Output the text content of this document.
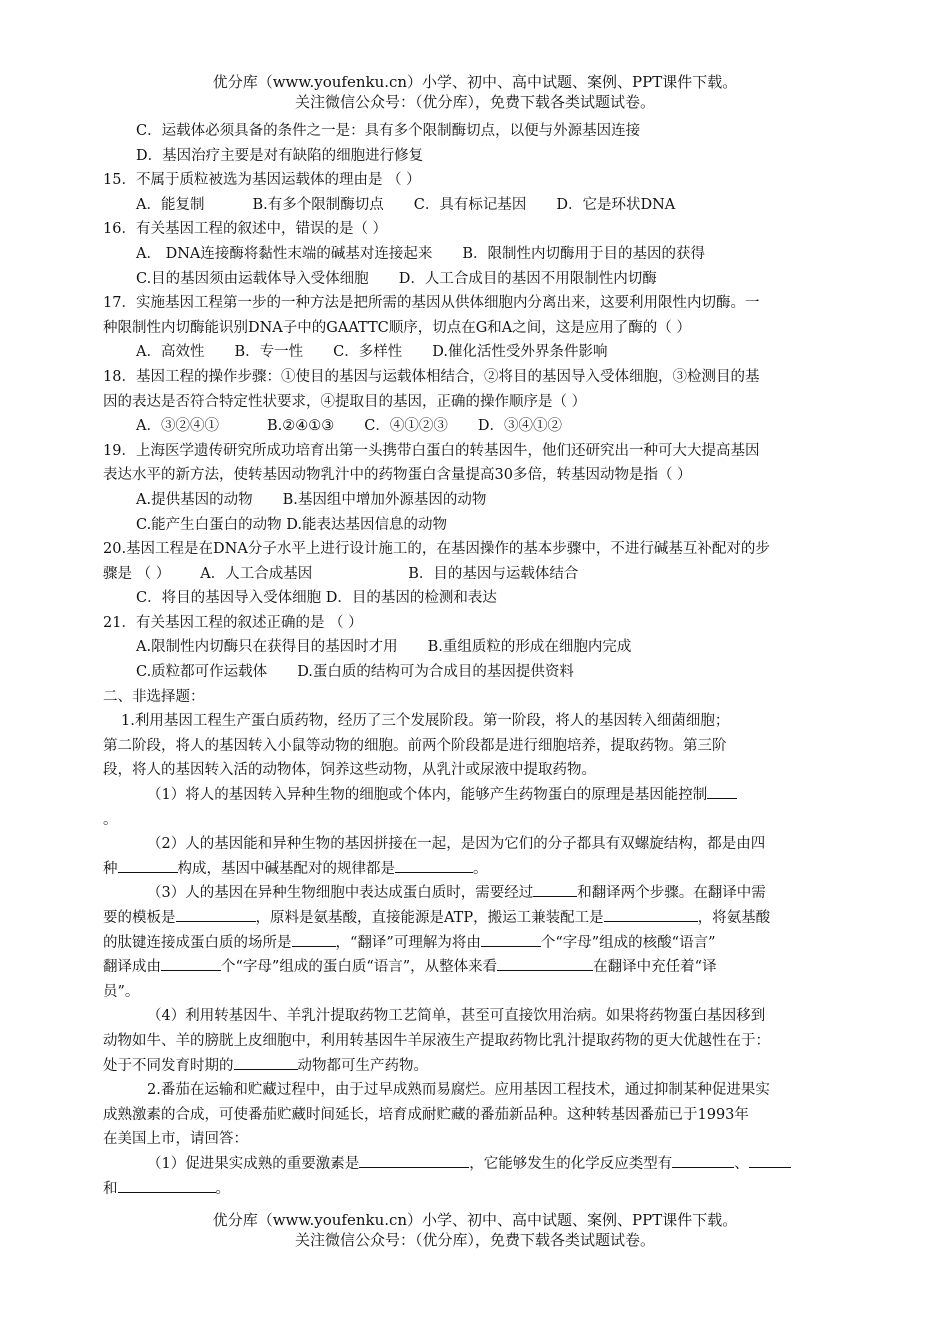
优分库（www.youfenku.cn）小学、初中、高中试题、案例、PPT课件下载。
关注微信公众号：（优分库），免费下载各类试题试卷。
C．运载体必须具备的条件之一是：具有多个限制酶切点，以便与外源基因连接
D．基因治疗主要是对有缺陷的细胞进行修复
15．不属于质粒被选为基因运载体的理由是 （ ）
A．能复制	B.有多个限制酶切点 C．具有标记基因 D．它是环状DNA
16．有关基因工程的叙述中，错误的是（ ）
A． DNA连接酶将黏性末端的碱基对连接起来 B．限制性内切酶用于目的基因的获得
C.目的基因须由运载体导入受体细胞 D．人工合成目的基因不用限制性内切酶
17．实施基因工程第一步的一种方法是把所需的基因从供体细胞内分离出来，这要利用限性内切酶。一
种限制性内切酶能识别DNA子中的GAATTC顺序，切点在G和A之间，这是应用了酶的（ ）
A．高效性 B．专一性 C．多样性 D.催化活性受外界条件影响
18．基因工程的操作步骤：①使目的基因与运载体相结合，②将目的基因导入受体细胞，③检测目的基
因的表达是否符合特定性状要求，④提取目的基因，正确的操作顺序是（ ）
A．③②④①	B.②④①③ C．④①②③ D．③④①②
19．上海医学遗传研究所成功培育出第一头携带白蛋白的转基因牛，他们还研究出一种可大大提高基因
表达水平的新方法，使转基因动物乳汁中的药物蛋白含量提高30多倍，转基因动物是指（ ）
A.提供基因的动物 B.基因组中增加外源基因的动物
C.能产生白蛋白的动物 D.能表达基因信息的动物
20.基因工程是在DNA分子水平上进行设计施工的，在基因操作的基本步骤中，不进行碱基互补配对的步
骤是 （ ） A．人工合成基因	B．目的基因与运载体结合
C．将目的基因导入受体细胞 D．目的基因的检测和表达
21．有关基因工程的叙述正确的是 （ ）
A.限制性内切酶只在获得目的基因时才用 B.重组质粒的形成在细胞内完成
C.质粒都可作运载体 D.蛋白质的结构可为合成目的基因提供资料
二、非选择题：
1.利用基因工程生产蛋白质药物，经历了三个发展阶段。第一阶段，将人的基因转入细菌细胞；
第二阶段，将人的基因转入小鼠等动物的细胞。前两个阶段都是进行细胞培养，提取药物。第三阶
段，将人的基因转入活的动物体，饲养这些动物，从乳汁或尿液中提取药物。
（1）将人的基因转入异种生物的细胞或个体内，能够产生药物蛋白的原理是基因能控制
。
（2）人的基因能和异种生物的基因拼接在一起，是因为它们的分子都具有双螺旋结构，都是由四
种	构成，基因中碱基配对的规律都是	。
（3）人的基因在异种生物细胞中表达成蛋白质时，需要经过	和翻译两个步骤。在翻译中需
要的模板是	，原料是氨基酸，直接能源是ATP，搬运工兼装配工是	，将氨基酸
的肽键连接成蛋白质的场所是	，“翻译”可理解为将由	个“字母”组成的核酸“语言”
翻译成由	个“字母”组成的蛋白质“语言”，从整体来看	在翻译中充任着“译
员”。
（4）利用转基因牛、羊乳汁提取药物工艺简单，甚至可直接饮用治病。如果将药物蛋白基因移到
动物如牛、羊的膀胱上皮细胞中，利用转基因牛羊尿液生产提取药物比乳汁提取药物的更大优越性在于：
处于不同发育时期的	动物都可生产药物。
2.番茄在运输和贮藏过程中，由于过早成熟而易腐烂。应用基因工程技术，通过抑制某种促进果实
成熟激素的合成，可使番茄贮藏时间延长，培育成耐贮藏的番茄新品种。这种转基因番茄已于1993年
在美国上市，请回答：
（1）促进果实成熟的重要激素是	，它能够发生的化学反应类型有	、
和	。
优分库（www.youfenku.cn）小学、初中、高中试题、案例、PPT课件下载。
关注微信公众号：（优分库），免费下载各类试题试卷。
